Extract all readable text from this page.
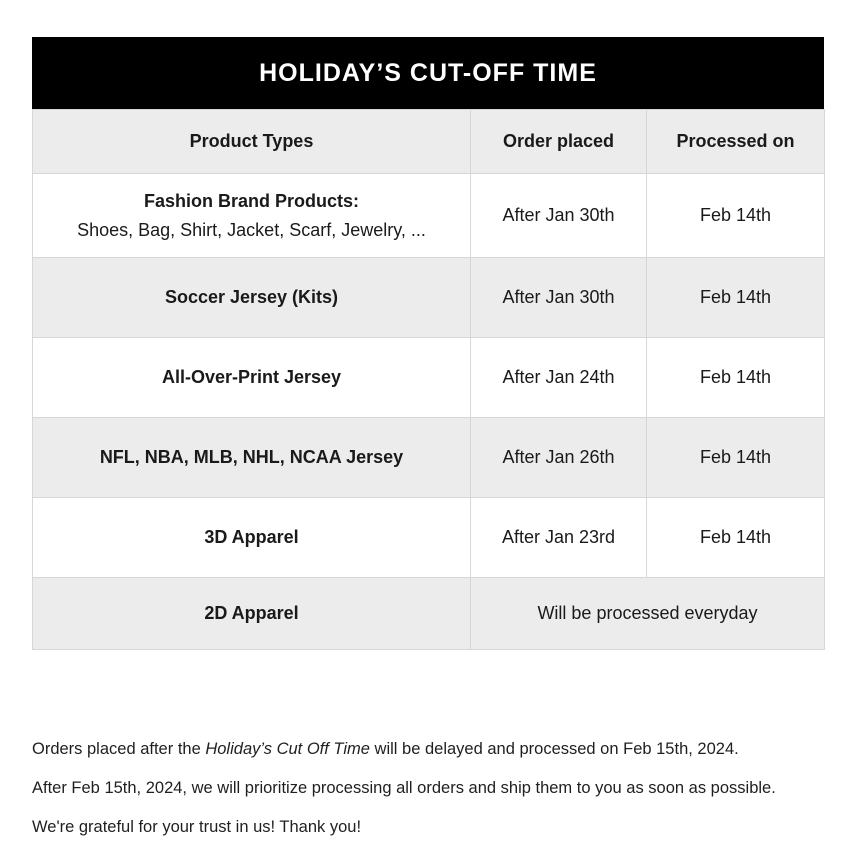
HOLIDAY’S CUT-OFF TIME
Product Types	Order placed	Processed on

Fashion Brand Products:
Shoes, Bag, Shirt, Jacket, Scarf, Jewelry, ...	After Jan 30th	Feb 14th
Soccer Jersey (Kits)	After Jan 30th	Feb 14th
All-Over-Print Jersey	After Jan 24th	Feb 14th
NFL, NBA, MLB, NHL, NCAA Jersey	After Jan 26th	Feb 14th
3D Apparel	After Jan 23rd	Feb 14th
2D Apparel	Will be processed everyday	

Orders placed after the Holiday’s Cut Off Time will be delayed and processed on Feb 15th, 2024.

After Feb 15th, 2024, we will prioritize processing all orders and ship them to you as soon as possible.

We're grateful for your trust in us! Thank you!
